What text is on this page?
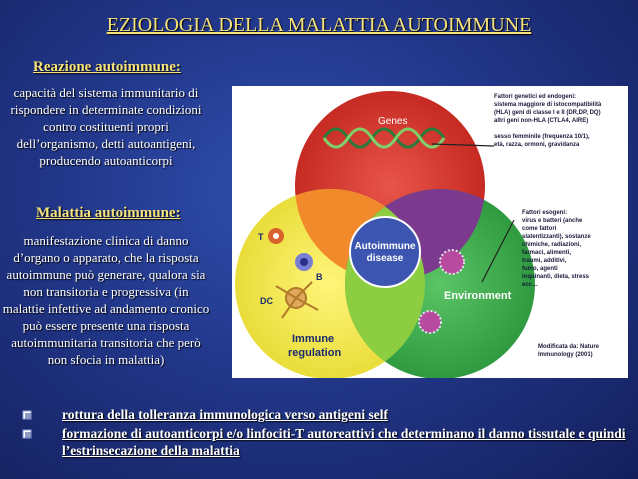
EZIOLOGIA DELLA MALATTIA AUTOIMMUNE
Reazione autoimmune:
capacità del sistema immunitario di rispondere in determinate condizioni contro costituenti propri dell’organismo, detti autoantigeni, producendo autoanticorpi
Malattia autoimmune:
manifestazione clinica di danno d’organo o apparato, che la risposta autoimmune può generare, qualora sia non transitoria e progressiva (in malattie infettive ad andamento cronico può essere presente una risposta autoimmunitaria transitoria che però non sfocia in malattia)
Genes
Autoimmune
disease
Environment
Immune
regulation
T
B
DC
Fattori genetici ed endogeni:
sistema maggiore di istocompatibilità
(HLA) geni di classe I e II (DR,DP, DQ)
altri geni non-HLA (CTLA4, AIRE)
sesso femminile (frequenza 10/1),
età, razza, ormoni, gravidanza
Fattori esogeni:
virus e batteri (anche
come fattori
slatentizzanti), sostanze
chimiche, radiazioni,
farmaci, alimenti,
traumi, additivi,
fumo, agenti
inquinanti, dieta, stress
ecc…
Modificata da: Nature
Immunology (2001)
rottura della tolleranza immunologica verso antigeni self
formazione di autoanticorpi e/o linfociti-T autoreattivi che determinano il danno tissutale e quindi l’estrinsecazione della malattia
